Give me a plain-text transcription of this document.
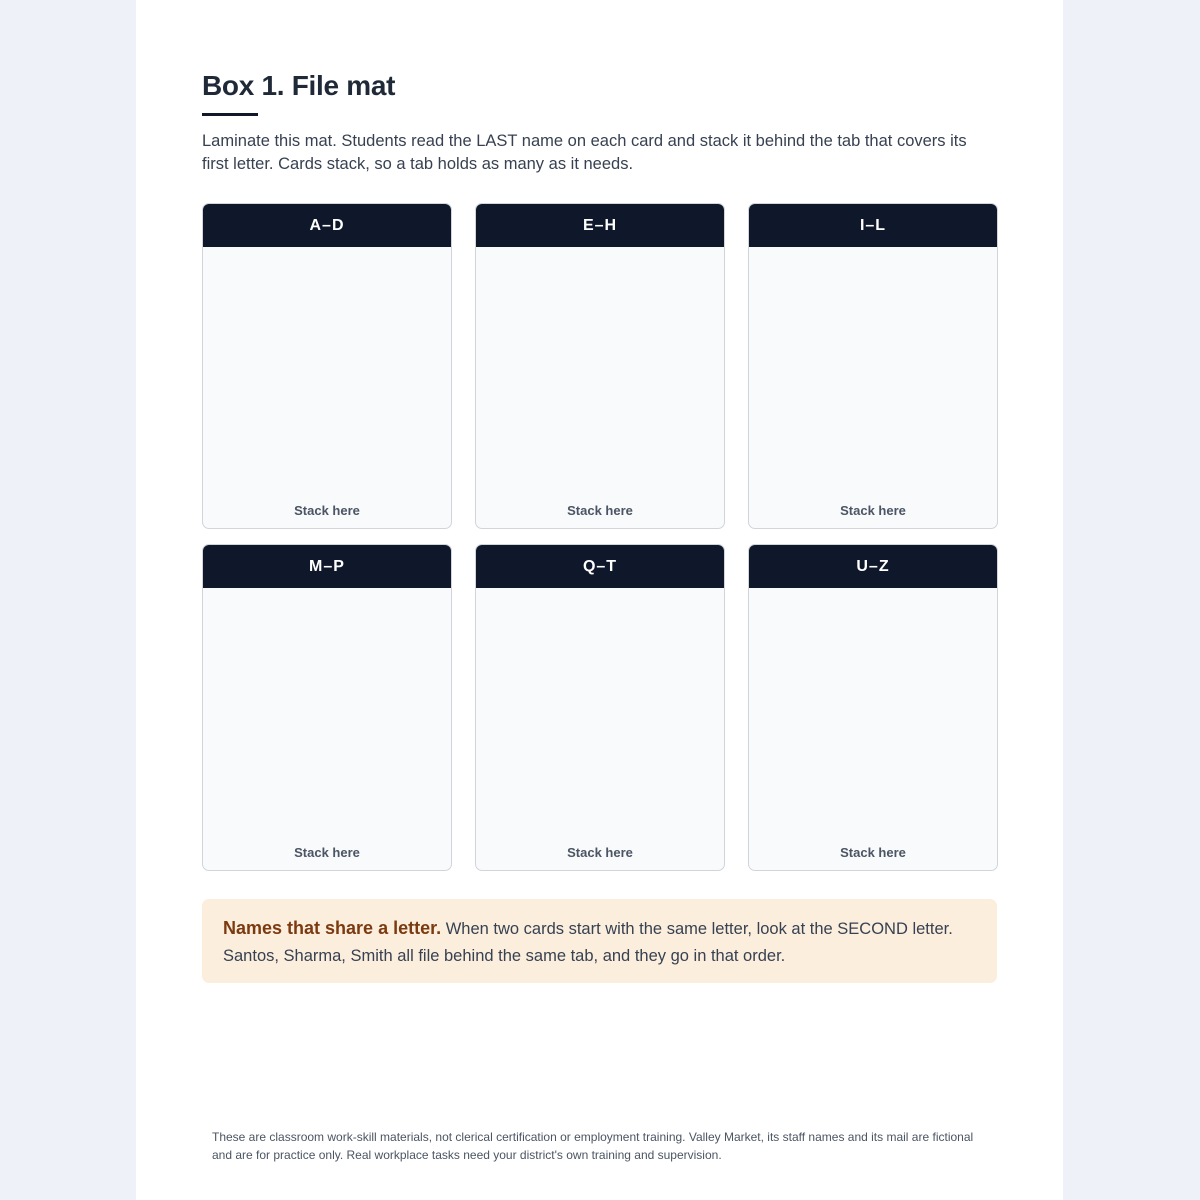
Box 1. File mat

Laminate this mat. Students read the LAST name on each card and stack it behind the tab that covers its first letter. Cards stack, so a tab holds as many as it needs.

A–D
Stack here
E–H
Stack here
I–L
Stack here
M–P
Stack here
Q–T
Stack here
U–Z
Stack here
Names that share a letter. When two cards start with the same letter, look at the SECOND letter. Santos, Sharma, Smith all file behind the same tab, and they go in that order.

These are classroom work-skill materials, not clerical certification or employment training. Valley Market, its staff names and its mail are fictional and are for practice only. Real workplace tasks need your district's own training and supervision.
